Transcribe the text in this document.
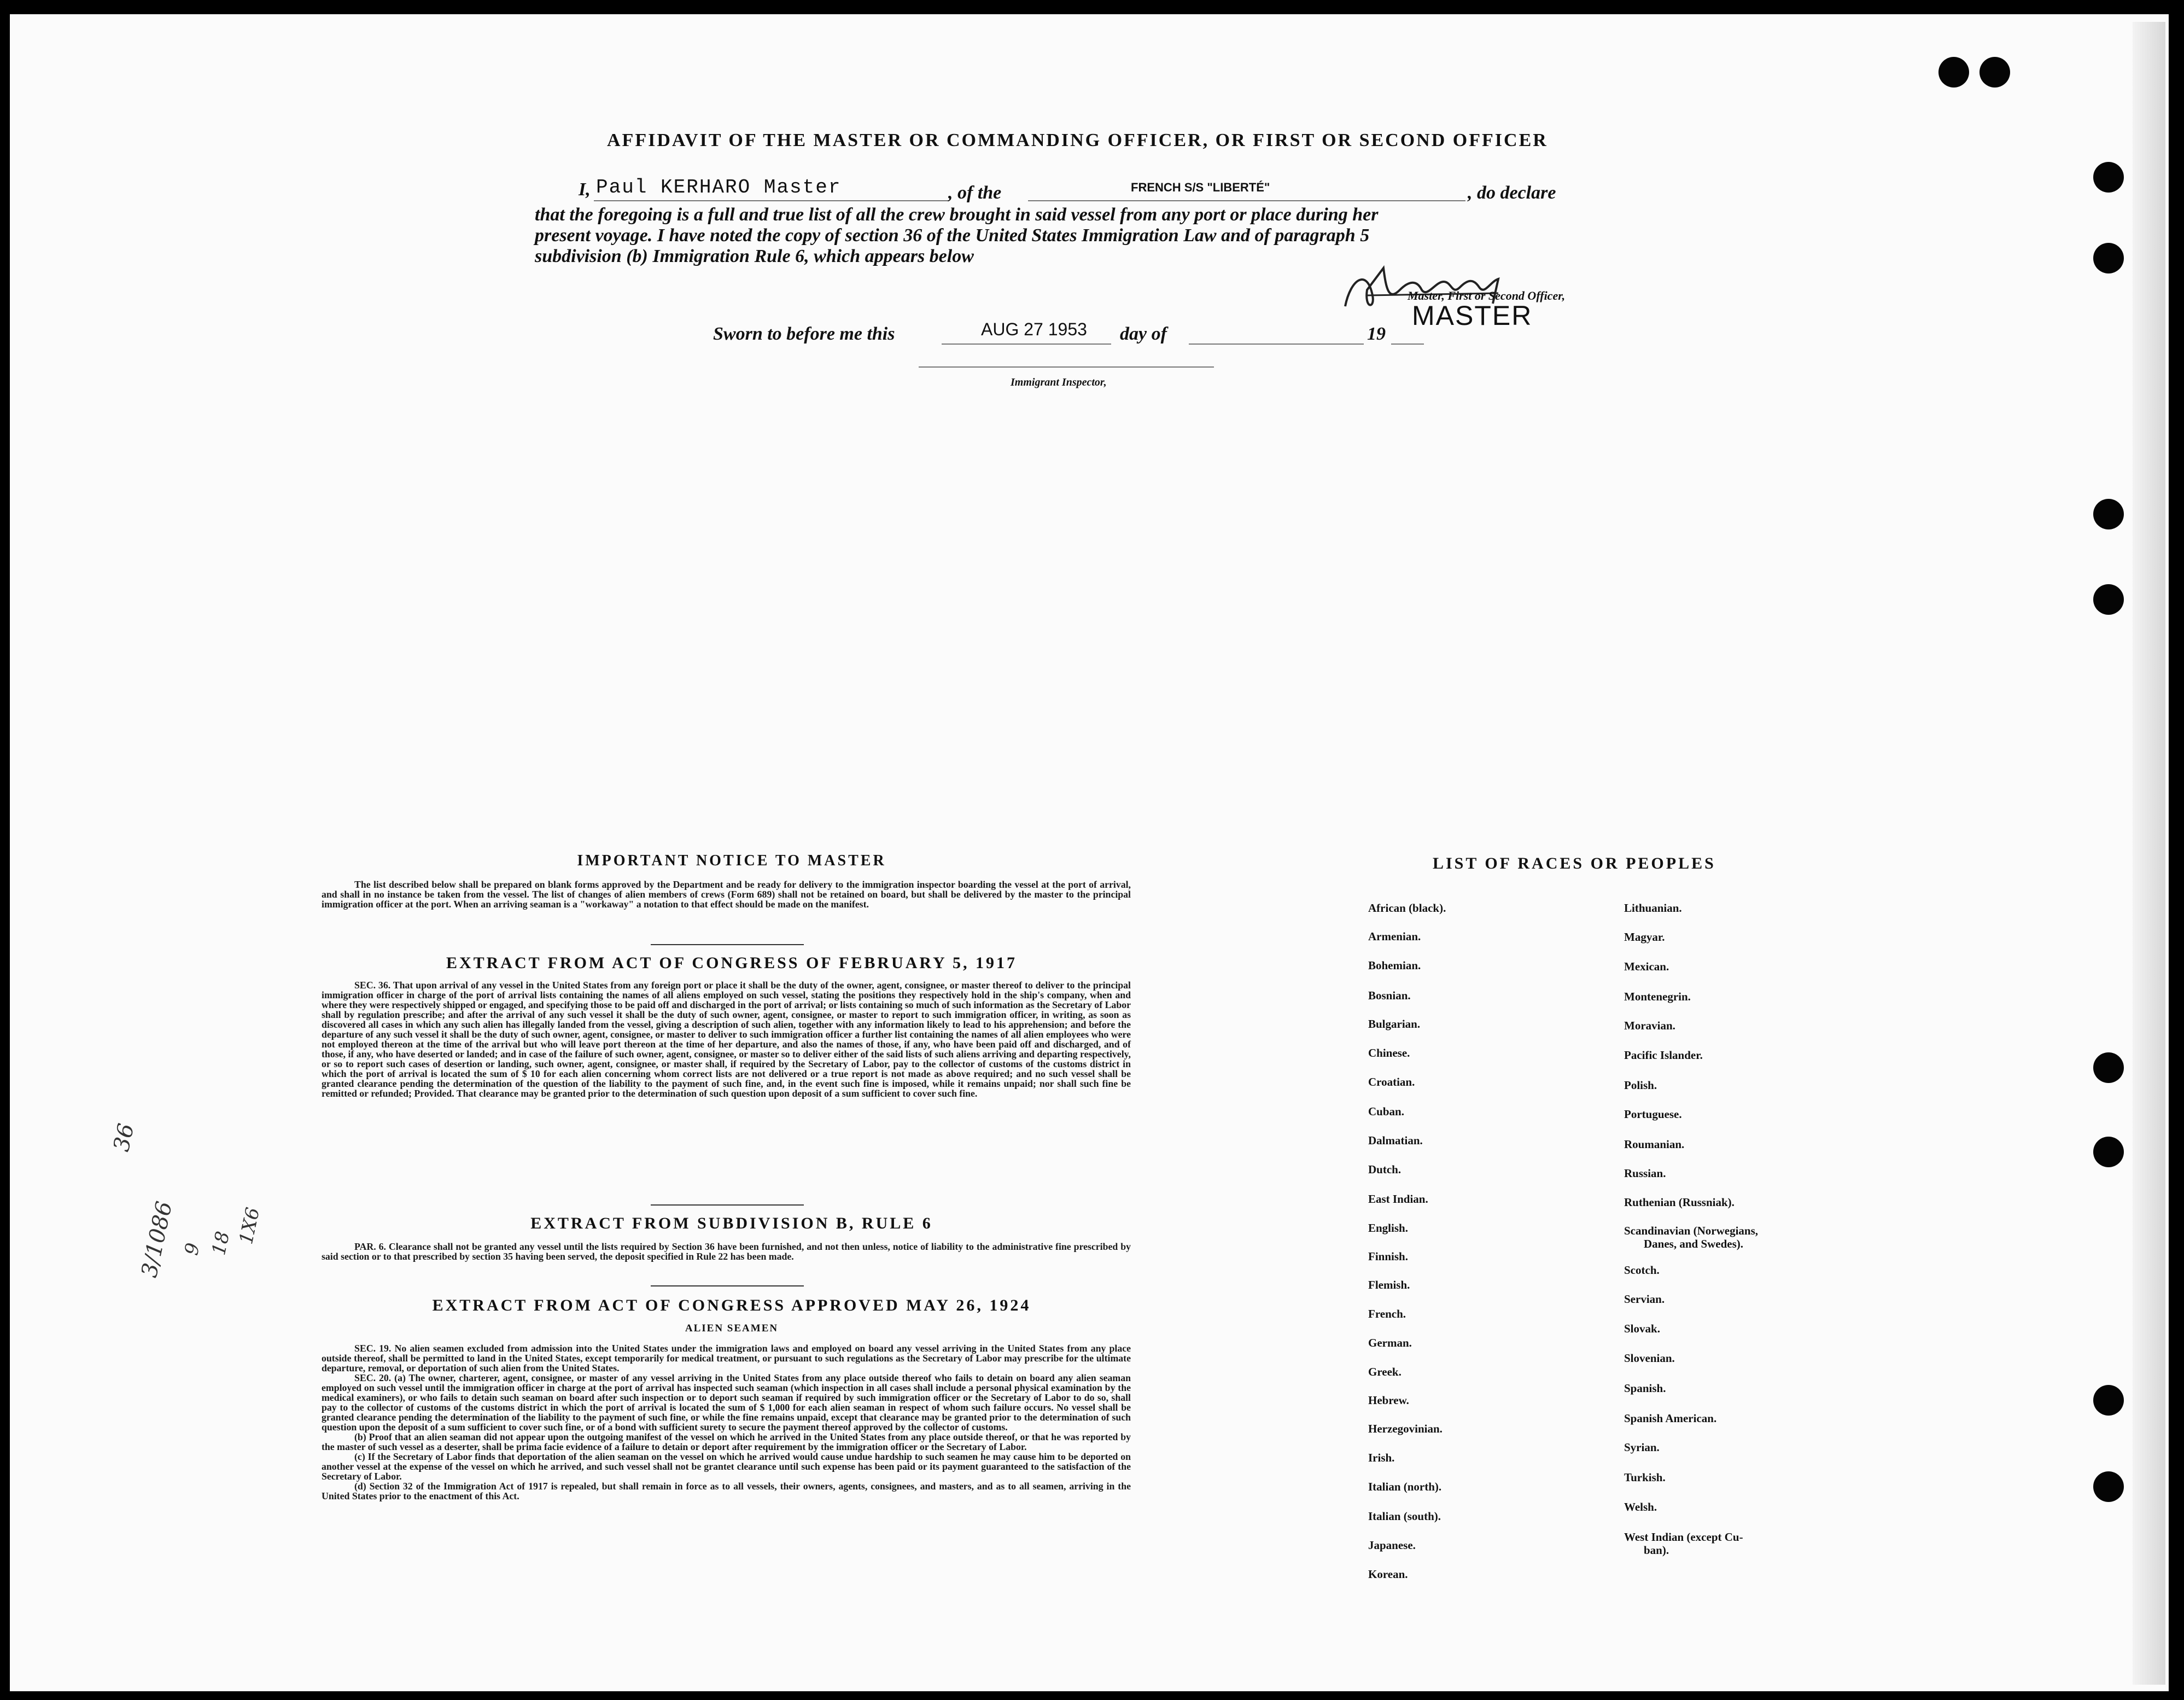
AFFIDAVIT OF THE MASTER OR COMMANDING OFFICER, OR FIRST OR SECOND OFFICER
I, Paul KERHARO Master	, of the	FRENCH S/S "LIBERTÉ"	, do declare
that the foregoing is a full and true list of all the crew brought in said vessel from any port or place during her
present voyage. I have noted the copy of section 36 of the United States Immigration Law and of paragraph 5
subdivision (b) Immigration Rule 6, which appears below
Master, First or Second Officer,
MASTER
Sworn to before me this	AUG 27 1953 day of	19
Immigrant Inspector,
IMPORTANT NOTICE TO MASTER

The list described below shall be prepared on blank forms approved by the Department and be ready for delivery to the immigration inspector boarding the vessel at the port of arrival, and shall in no instance be taken from the vessel. The list of changes of alien members of crews (Form 689) shall not be retained on board, but shall be delivered by the master to the principal immigration officer at the port. When an arriving seaman is a "workaway" a notation to that effect should be made on the manifest.

EXTRACT FROM ACT OF CONGRESS OF FEBRUARY 5, 1917

SEC. 36. That upon arrival of any vessel in the United States from any foreign port or place it shall be the duty of the owner, agent, consignee, or master thereof to deliver to the principal immigration officer in charge of the port of arrival lists containing the names of all aliens employed on such vessel, stating the positions they respectively hold in the ship's company, when and where they were respectively shipped or engaged, and specifying those to be paid off and discharged in the port of arrival; or lists containing so much of such information as the Secretary of Labor shall by regulation prescribe; and after the arrival of any such vessel it shall be the duty of such owner, agent, consignee, or master to report to such immigration officer, in writing, as soon as discovered all cases in which any such alien has illegally landed from the vessel, giving a description of such alien, together with any information likely to lead to his apprehension; and before the departure of any such vessel it shall be the duty of such owner, agent, consignee, or master to deliver to such immigration officer a further list containing the names of all alien employees who were not employed thereon at the time of the arrival but who will leave port thereon at the time of her departure, and also the names of those, if any, who have been paid off and discharged, and of those, if any, who have deserted or landed; and in case of the failure of such owner, agent, consignee, or master so to deliver either of the said lists of such aliens arriving and departing respectively, or so to report such cases of desertion or landing, such owner, agent, consignee, or master shall, if required by the Secretary of Labor, pay to the collector of customs of the customs district in which the port of arrival is located the sum of $ 10 for each alien concerning whom correct lists are not delivered or a true report is not made as above required; and no such vessel shall be granted clearance pending the determination of the question of the liability to the payment of such fine, and, in the event such fine is imposed, while it remains unpaid; nor shall such fine be remitted or refunded; Provided. That clearance may be granted prior to the determination of such question upon deposit of a sum sufficient to cover such fine.

EXTRACT FROM SUBDIVISION B, RULE 6

PAR. 6. Clearance shall not be granted any vessel until the lists required by Section 36 have been furnished, and not then unless, notice of liability to the administrative fine prescribed by said section or to that prescribed by section 35 having been served, the deposit specified in Rule 22 has been made.

EXTRACT FROM ACT OF CONGRESS APPROVED MAY 26, 1924
ALIEN SEAMEN

SEC. 19. No alien seamen excluded from admission into the United States under the immigration laws and employed on board any vessel arriving in the United States from any place outside thereof, shall be permitted to land in the United States, except temporarily for medical treatment, or pursuant to such regulations as the Secretary of Labor may prescribe for the ultimate departure, removal, or deportation of such alien from the United States.

SEC. 20. (a) The owner, charterer, agent, consignee, or master of any vessel arriving in the United States from any place outside thereof who fails to detain on board any alien seaman employed on such vessel until the immigration officer in charge at the port of arrival has inspected such seaman (which inspection in all cases shall include a personal physical examination by the medical examiners), or who fails to detain such seaman on board after such inspection or to deport such seaman if required by such immigration officer or the Secretary of Labor to do so, shall pay to the collector of customs of the customs district in which the port of arrival is located the sum of $ 1,000 for each alien seaman in respect of whom such failure occurs. No vessel shall be granted clearance pending the determination of the liability to the payment of such fine, or while the fine remains unpaid, except that clearance may be granted prior to the determination of such question upon the deposit of a sum sufficient to cover such fine, or of a bond with sufficient surety to secure the payment thereof approved by the collector of customs.

(b) Proof that an alien seaman did not appear upon the outgoing manifest of the vessel on which he arrived in the United States from any place outside thereof, or that he was reported by the master of such vessel as a deserter, shall be prima facie evidence of a failure to detain or deport after requirement by the immigration officer or the Secretary of Labor.

(c) If the Secretary of Labor finds that deportation of the alien seaman on the vessel on which he arrived would cause undue hardship to such seamen he may cause him to be deported on another vessel at the expense of the vessel on which he arrived, and such vessel shall not be grantet clearance until such expense has been paid or its payment guaranteed to the satisfaction of the Secretary of Labor.

(d) Section 32 of the Immigration Act of 1917 is repealed, but shall remain in force as to all vessels, their owners, agents, consignees, and masters, and as to all seamen, arriving in the United States prior to the enactment of this Act.

LIST OF RACES OR PEOPLES
African (black).
Armenian.
Bohemian.
Bosnian.
Bulgarian.
Chinese.
Croatian.
Cuban.
Dalmatian.
Dutch.
East Indian.
English.
Finnish.
Flemish.
French.
German.
Greek.
Hebrew.
Herzegovinian.
Irish.
Italian (north).
Italian (south).
Japanese.
Korean.
Lithuanian.
Magyar.
Mexican.
Montenegrin.
Moravian.
Pacific Islander.
Polish.
Portuguese.
Roumanian.
Russian.
Ruthenian (Russniak).
Scandinavian (Norwegians,
Danes, and Swedes).
Scotch.
Servian.
Slovak.
Slovenian.
Spanish.
Spanish American.
Syrian.
Turkish.
Welsh.
West Indian (except Cu-
ban).
36
3/1086 9 18 1X6
